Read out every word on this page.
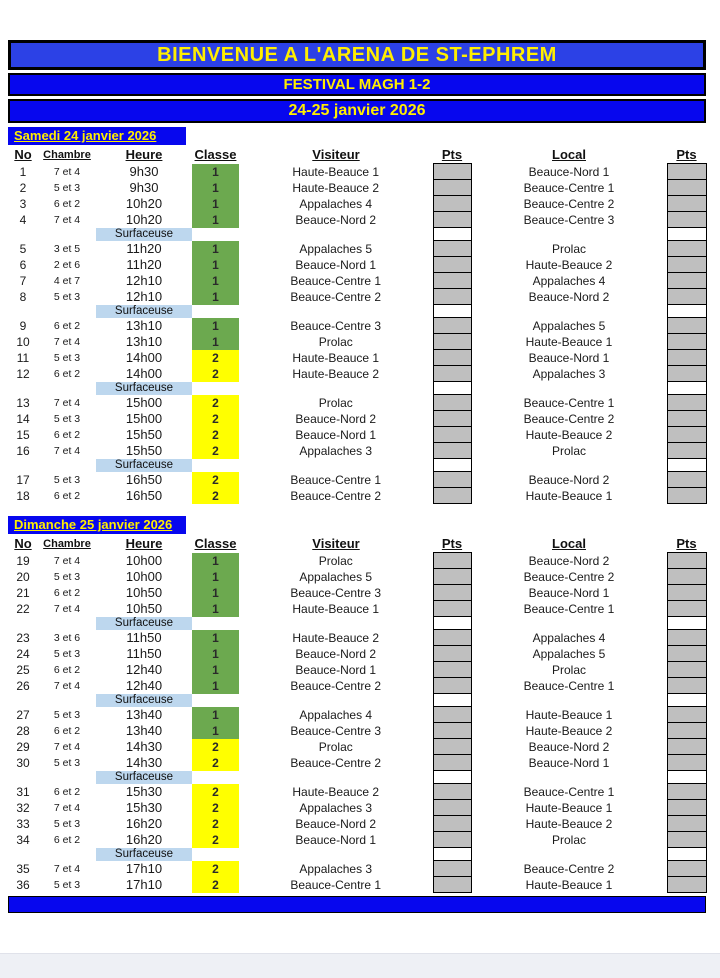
BIENVENUE A L'ARENA DE ST-EPHREM
FESTIVAL MAGH 1-2
24-25 janvier 2026
Samedi 24 janvier 2026
No	Chambre	Heure	Classe	Visiteur	Pts	Local	Pts
1	7 et 4	9h30	1	Haute-Beauce 1		Beauce-Nord 1	
2	5 et 3	9h30	1	Haute-Beauce 2		Beauce-Centre 1	
3	6 et 2	10h20	1	Appalaches 4		Beauce-Centre 2	
4	7 et 4	10h20	1	Beauce-Nord 2		Beauce-Centre 3	
		Surfaceuse					
5	3 et 5	11h20	1	Appalaches 5		Prolac	
6	2 et 6	11h20	1	Beauce-Nord 1		Haute-Beauce 2	
7	4 et 7	12h10	1	Beauce-Centre 1		Appalaches 4	
8	5 et 3	12h10	1	Beauce-Centre 2		Beauce-Nord 2	
		Surfaceuse					
9	6 et 2	13h10	1	Beauce-Centre 3		Appalaches 5	
10	7 et 4	13h10	1	Prolac		Haute-Beauce 1	
11	5 et 3	14h00	2	Haute-Beauce 1		Beauce-Nord 1	
12	6 et 2	14h00	2	Haute-Beauce 2		Appalaches 3	
		Surfaceuse					
13	7 et 4	15h00	2	Prolac		Beauce-Centre 1	
14	5 et 3	15h00	2	Beauce-Nord 2		Beauce-Centre 2	
15	6 et 2	15h50	2	Beauce-Nord 1		Haute-Beauce 2	
16	7 et 4	15h50	2	Appalaches 3		Prolac	
		Surfaceuse					
17	5 et 3	16h50	2	Beauce-Centre 1		Beauce-Nord 2	
18	6 et 2	16h50	2	Beauce-Centre 2		Haute-Beauce 1	
Dimanche 25 janvier 2026
No	Chambre	Heure	Classe	Visiteur	Pts	Local	Pts
19	7 et 4	10h00	1	Prolac		Beauce-Nord 2	
20	5 et 3	10h00	1	Appalaches 5		Beauce-Centre 2	
21	6 et 2	10h50	1	Beauce-Centre 3		Beauce-Nord 1	
22	7 et 4	10h50	1	Haute-Beauce 1		Beauce-Centre 1	
		Surfaceuse					
23	3 et 6	11h50	1	Haute-Beauce 2		Appalaches 4	
24	5 et 3	11h50	1	Beauce-Nord 2		Appalaches 5	
25	6 et 2	12h40	1	Beauce-Nord 1		Prolac	
26	7 et 4	12h40	1	Beauce-Centre 2		Beauce-Centre 1	
		Surfaceuse					
27	5 et 3	13h40	1	Appalaches 4		Haute-Beauce 1	
28	6 et 2	13h40	1	Beauce-Centre 3		Haute-Beauce 2	
29	7 et 4	14h30	2	Prolac		Beauce-Nord 2	
30	5 et 3	14h30	2	Beauce-Centre 2		Beauce-Nord 1	
		Surfaceuse					
31	6 et 2	15h30	2	Haute-Beauce 2		Beauce-Centre 1	
32	7 et 4	15h30	2	Appalaches 3		Haute-Beauce 1	
33	5 et 3	16h20	2	Beauce-Nord 2		Haute-Beauce 2	
34	6 et 2	16h20	2	Beauce-Nord 1		Prolac	
		Surfaceuse					
35	7 et 4	17h10	2	Appalaches 3		Beauce-Centre 2	
36	5 et 3	17h10	2	Beauce-Centre 1		Haute-Beauce 1	
